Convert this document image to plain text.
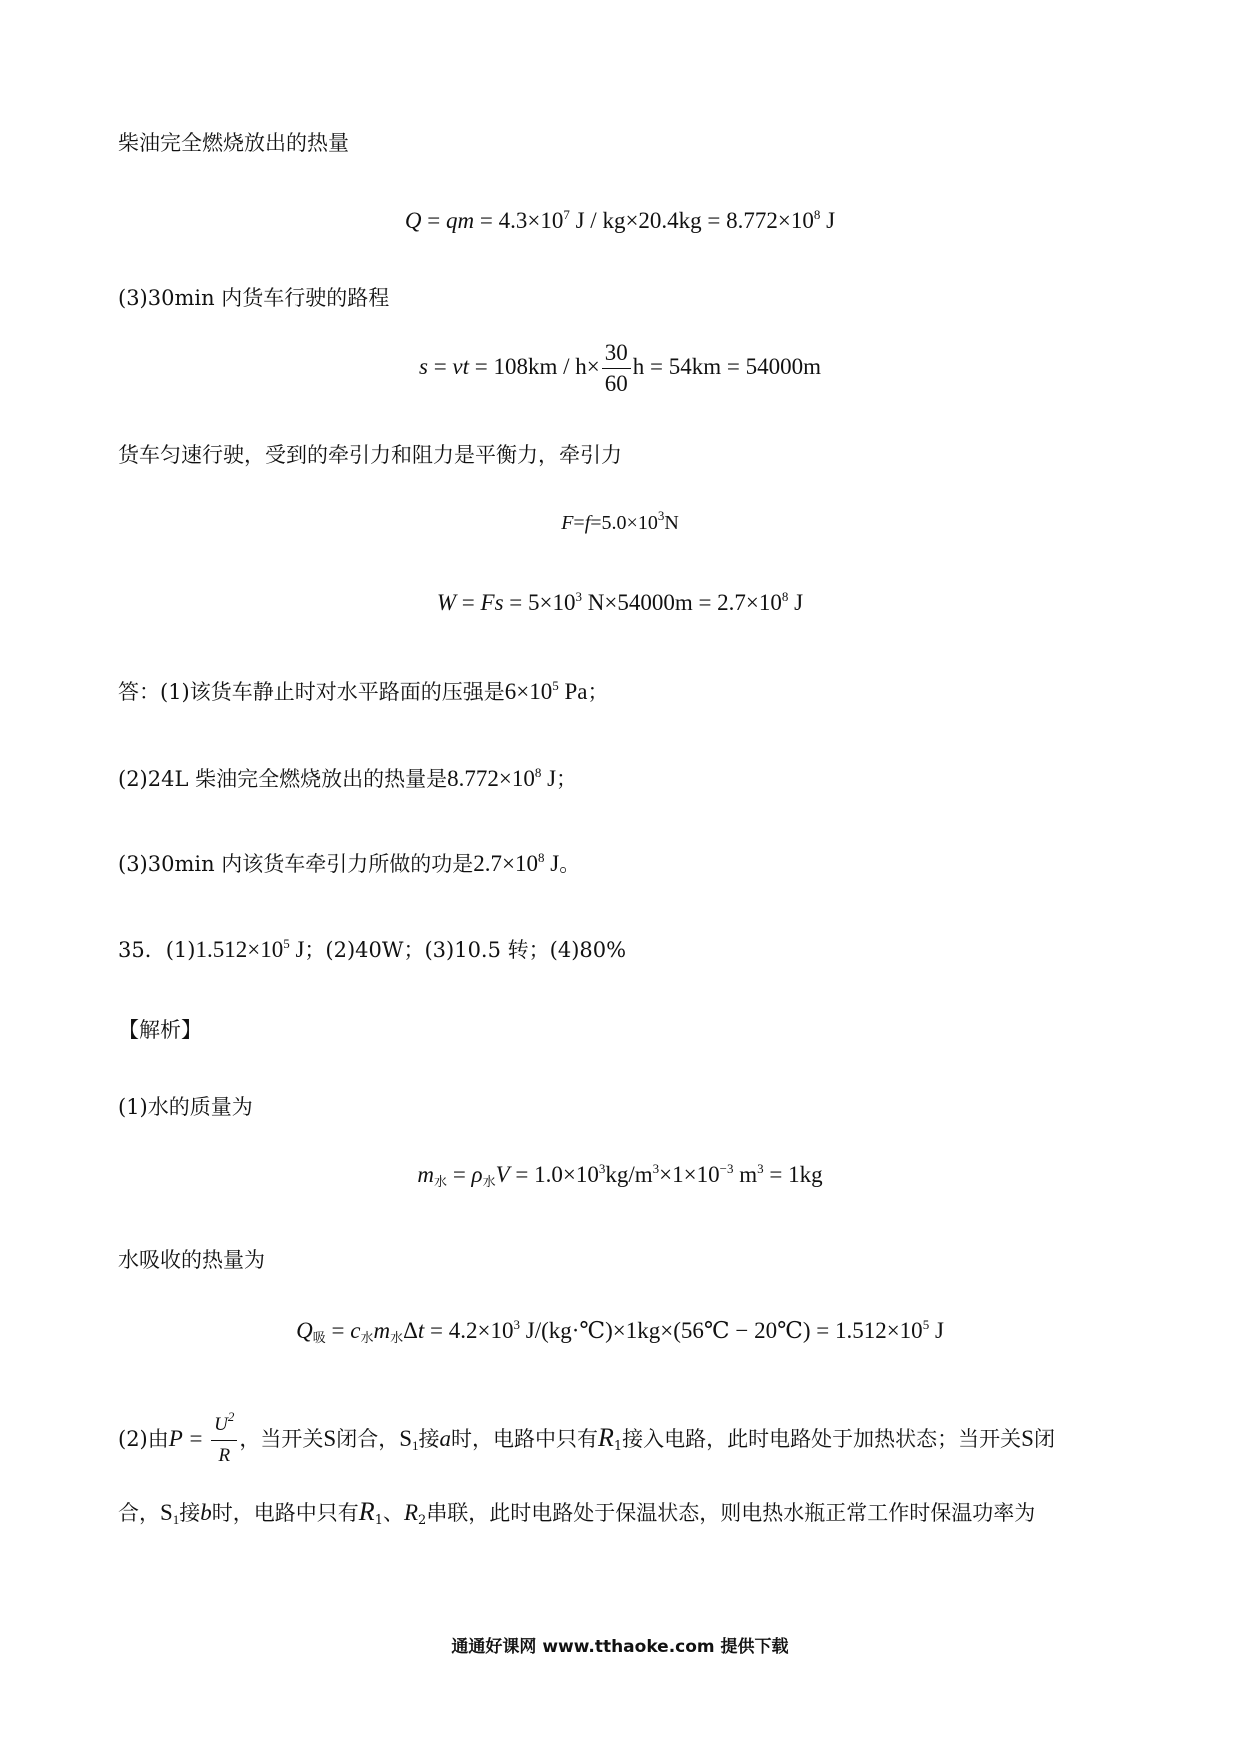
柴油完全燃烧放出的热量
Q = qm = $4.3\times 10^7$ $J / kg\times 20.4kg = 8.772\times 10^8$ J
(3)30min 内货车行驶的路程
s = vt = $108km / h\times \frac{30}{60}$ h = 54km = 54000m
货车匀速行驶，受到的牵引力和阻力是平衡力，牵引力
$F=f=5.0\times 10^3N$
$W = Fs = 5\times 10^3$ $N\times 54000m = 2.7\times 10^8$ J
答：(1)该货车静止时对水平路面的压强是$6\times 10^5$ Pa；
(2)24L 柴油完全燃烧放出的热量是$8.772\times 10^8$ J；
(3)30min 内该货车牵引力所做的功是$2.7\times 10^8$ J。
35．$(1)1.512\times 10^5$ J；(2)40W；(3)10.5 转；(4)80%
【解析】
(1)水的质量为
$m_水 = \rho_水V = 1.0\times 10^3kg/m^3\times 1\times 10^{-3}$ $m^3 = 1kg$
水吸收的热量为
$Q_吸 = c_水m_水\Delta t = 4.2\times 10^3$ J/(kg·℃)×1kg×(56℃ − 20℃) = $1.512\times 10^5$ J
(2)由$P = \frac{U^2}{R}$ ，当开关S闭合，$S_1$接a时，电路中只有$R_1$接入电路，此时电路处于加热状态；当开关S闭
合，$S_1$接b时，电路中只有$R_1$、$R_2$串联，此时电路处于保温状态，则电热水瓶正常工作时保温功率为
通通好课网 www.tthaoke.com 提供下载
